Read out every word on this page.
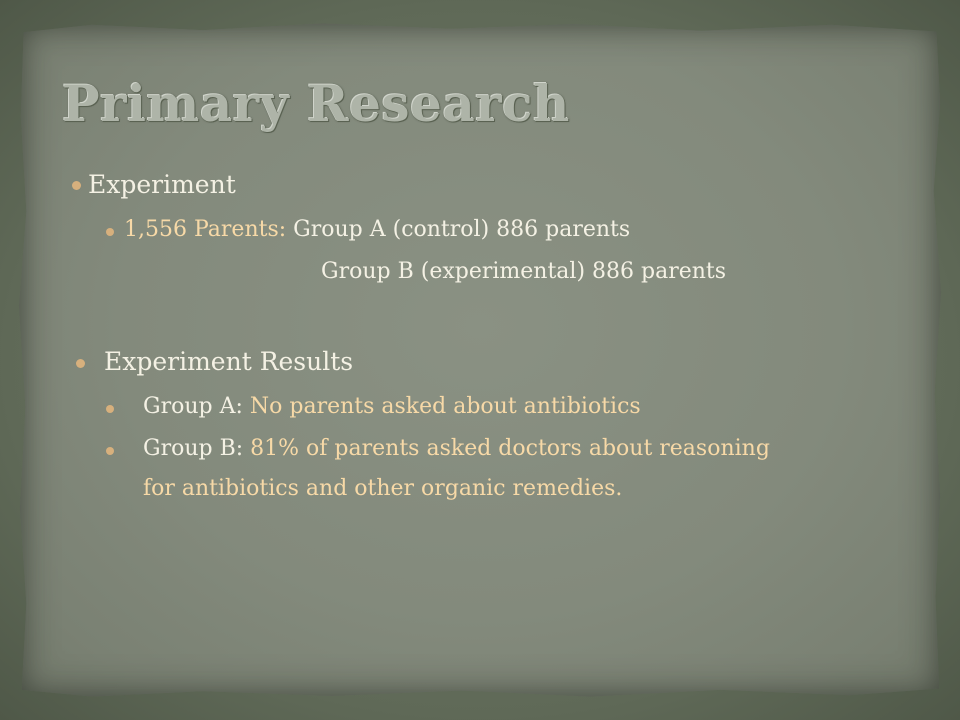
Primary Research
Experiment
1,556 Parents: Group A (control) 886 parents
Group B (experimental) 886 parents
Experiment Results
Group A: No parents asked about antibiotics
Group B: 81% of parents asked doctors about reasoning
for antibiotics and other organic remedies.
